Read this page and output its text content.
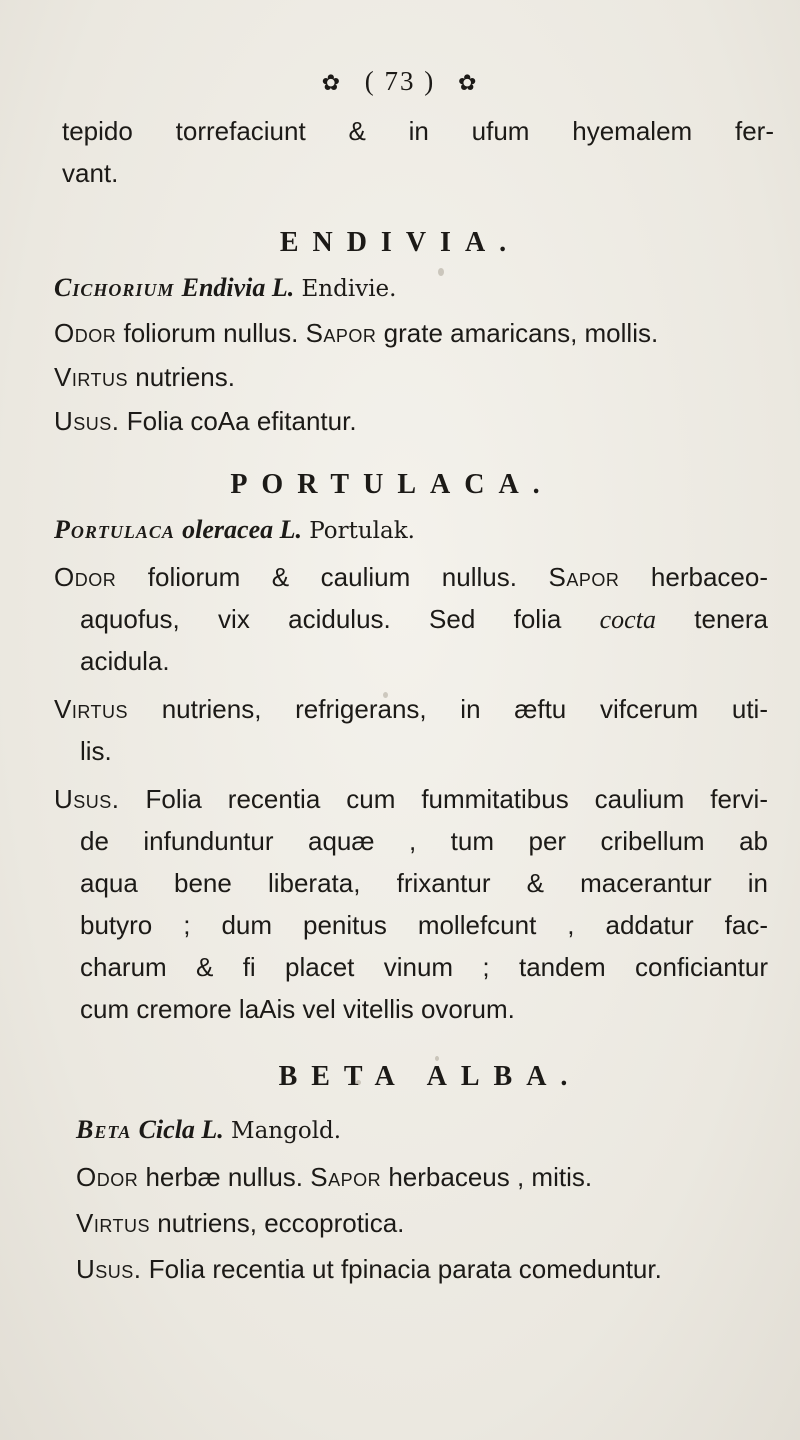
✿ ( 73 ) ✿
tepido torrefaciunt & in ufum hyemalem fer-
vant.
ENDIVIA.
Cichorium Endivia L. Endivie.
Odor foliorum nullus. Sapor grate amaricans, mollis.
Virtus nutriens.
Usus. Folia coAa efitantur.
PORTULACA.
Portulaca oleracea L. Portulak.
Odor foliorum & caulium nullus. Sapor herbaceo-
aquofus, vix acidulus. Sed folia cocta tenera
acidula.
Virtus nutriens, refrigerans, in æftu vifcerum uti-
lis.
Usus. Folia recentia cum fummitatibus caulium fervi-
de infunduntur aquæ , tum per cribellum ab
aqua bene liberata, frixantur & macerantur in
butyro ; dum penitus mollefcunt , addatur fac-
charum & fi placet vinum ; tandem conficiantur
cum cremore laAis vel vitellis ovorum.
BETA ALBA.
Beta Cicla L. Mangold.
Odor herbæ nullus. Sapor herbaceus , mitis.
Virtus nutriens, eccoprotica.
Usus. Folia recentia ut fpinacia parata comeduntur.
